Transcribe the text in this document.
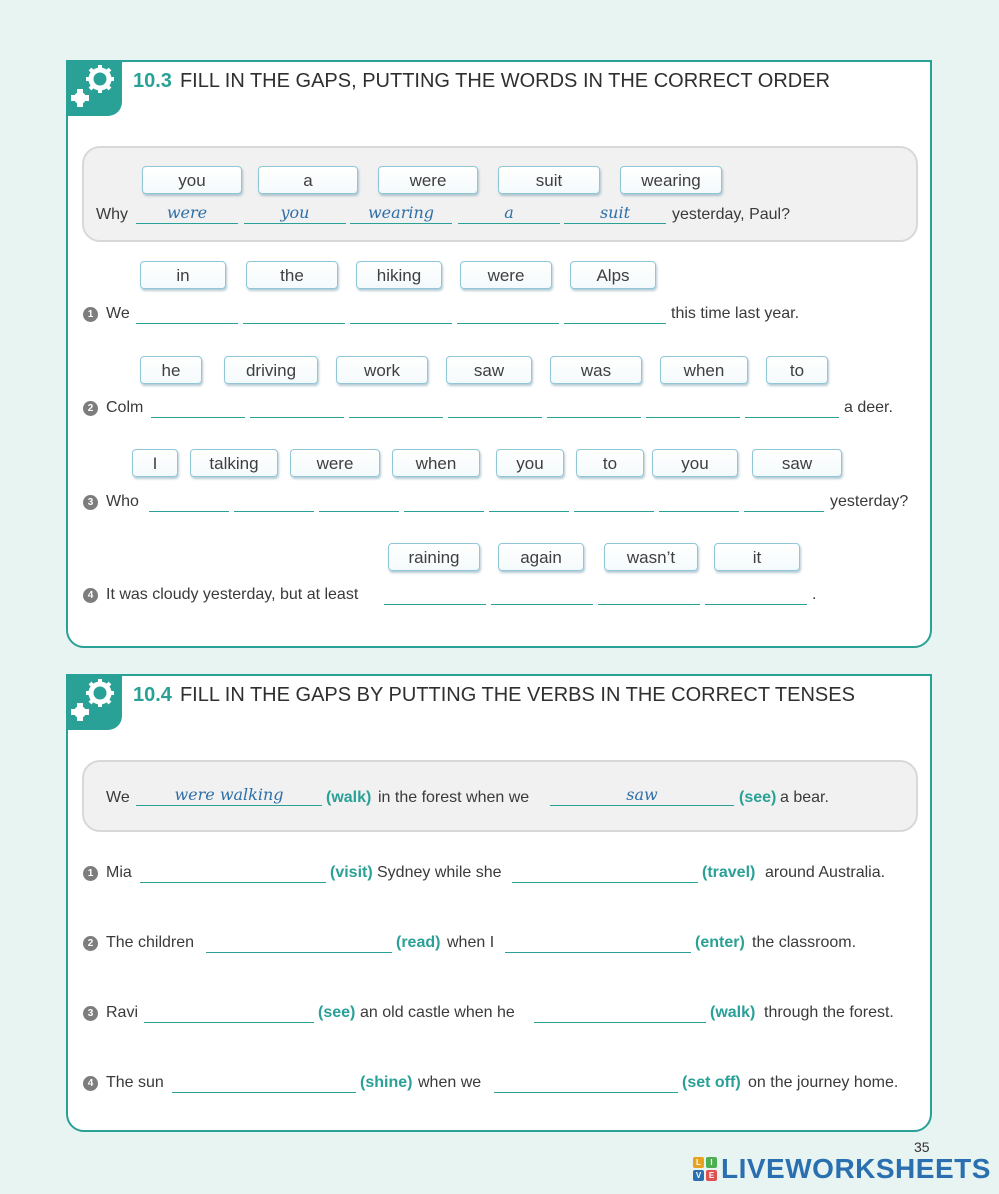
10.3 FILL IN THE GAPS, PUTTING THE WORDS IN THE CORRECT ORDER
you	a	were	suit	wearing
Why	were	you	wearing	a	suit	yesterday, Paul?
in	the	hiking	were	Alps
1 We	this time last year.
he	driving	work	saw	was	when	to
2 Colm	a deer.
I	talking	were	when	you	to	you	saw
3 Who	yesterday?
raining	again	wasn’t	it
4 It was cloudy yesterday, but at least	.
10.4 FILL IN THE GAPS BY PUTTING THE VERBS IN THE CORRECT TENSES
We	were walking	(walk) in the forest when we	saw	(see) a bear.
1 Mia	(visit) Sydney while she	(travel) around Australia.
2 The children	(read) when I	(enter) the classroom.
3 Ravi	(see) an old castle when he	(walk) through the forest.
4 The sun	(shine) when we	(set off) on the journey home.
35
L	I
V E LIVEWORKSHEETS
